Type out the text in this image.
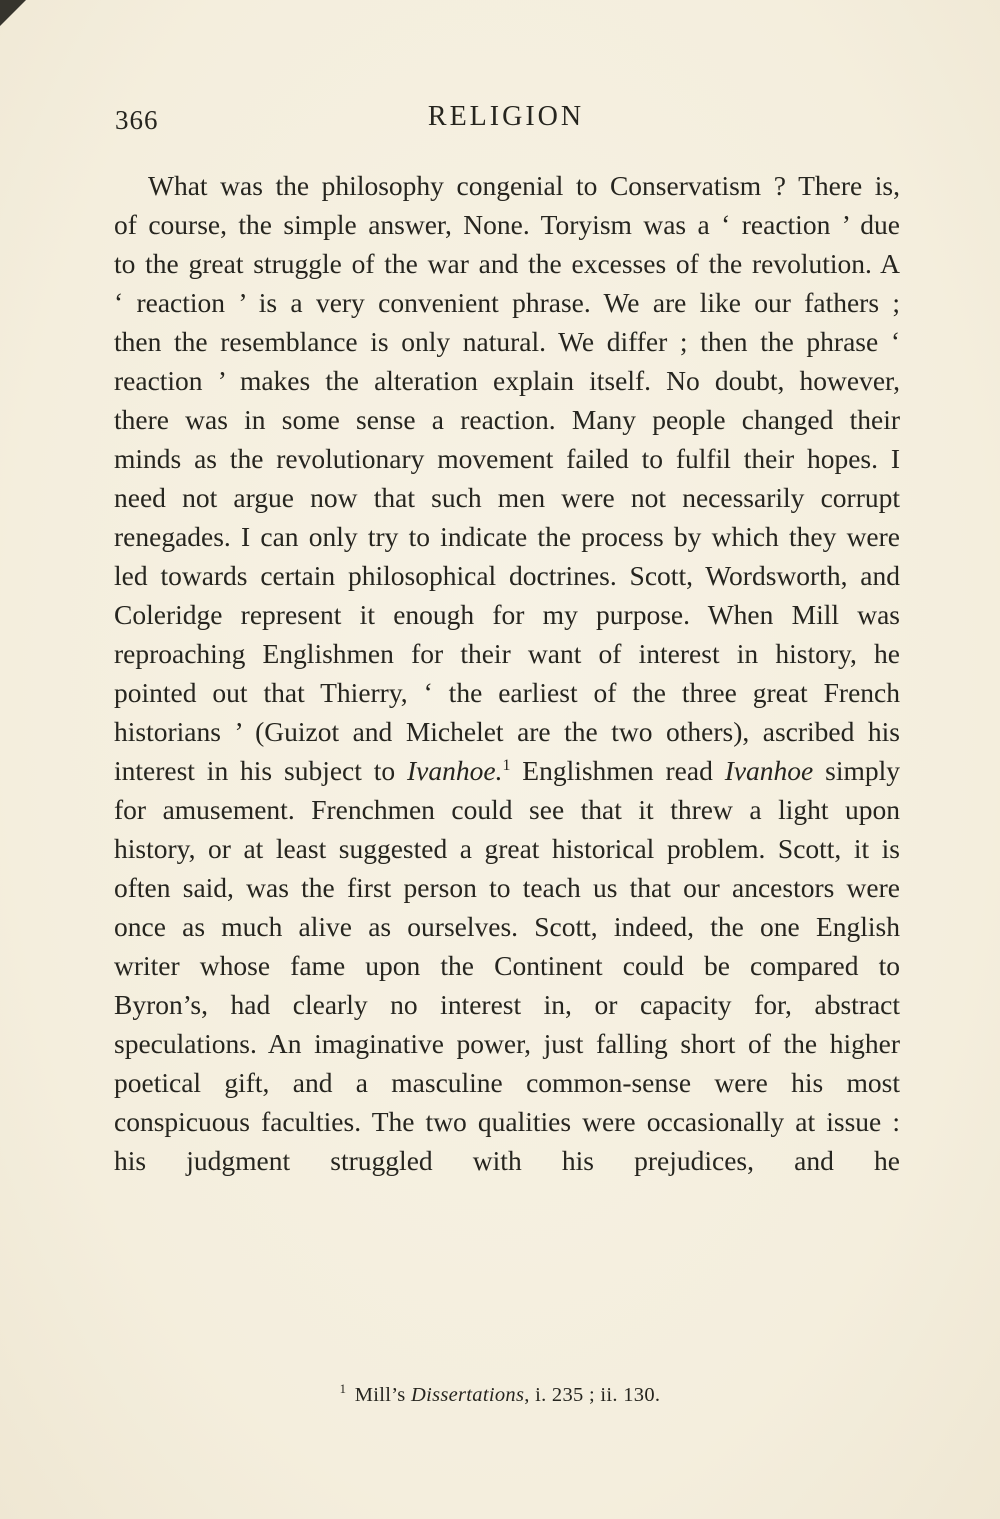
366	RELIGION

What was the philosophy congenial to Conservatism ? There is, of course, the simple answer, None. Toryism was a ‘ reaction ’ due to the great struggle of the war and the excesses of the revolution. A ‘ reaction ’ is a very convenient phrase. We are like our fathers ; then the resemblance is only natural. We differ ; then the phrase ‘ reaction ’ makes the alteration explain itself. No doubt, however, there was in some sense a reaction. Many people changed their minds as the revolutionary movement failed to fulfil their hopes. I need not argue now that such men were not necessarily corrupt renegades. I can only try to indicate the process by which they were led towards certain philosophical doctrines. Scott, Wordsworth, and Coleridge represent it enough for my purpose. When Mill was reproaching Englishmen for their want of interest in history, he pointed out that Thierry, ‘ the earliest of the three great French historians ’ (Guizot and Michelet are the two others), ascribed his interest in his subject to Ivanhoe.$^1$ Englishmen read Ivanhoe simply for amusement. Frenchmen could see that it threw a light upon history, or at least suggested a great historical problem. Scott, it is often said, was the first person to teach us that our ancestors were once as much alive as ourselves. Scott, indeed, the one English writer whose fame upon the Continent could be compared to Byron’s, had clearly no interest in, or capacity for, abstract speculations. An imaginative power, just falling short of the higher poetical gift, and a masculine common-sense were his most conspicuous faculties. The two qualities were occasionally at issue : his judgment struggled with his prejudices, and he

$^1$ Mill’s Dissertations, i. 235 ; ii. 130.
